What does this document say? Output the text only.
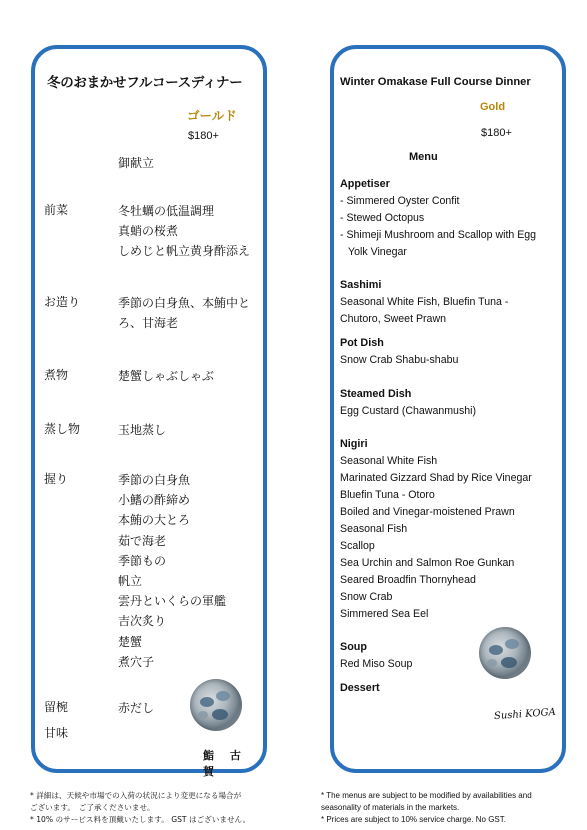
冬のおまかせフルコースディナー
ゴールド
$180+
御献立
前菜	冬牡蠣の低温調理
真蛸の桜煮
しめじと帆立黄身酢添え
お造り	季節の白身魚、本鮪中と
ろ、甘海老
煮物	楚蟹しゃぶしゃぶ
蒸し物	玉地蒸し
握り	季節の白身魚
小鰭の酢締め
本鮪の大とろ
茹で海老
季節もの
帆立
雲丹といくらの軍艦
吉次炙り
楚蟹
煮穴子
留椀	赤だし
甘味
鮨 古賀
Winter Omakase Full Course Dinner
Gold
$180+
Menu
Appetiser
- Simmered Oyster Confit
- Stewed Octopus
- Shimeji Mushroom and Scallop with Egg
Yolk Vinegar
Sashimi
Seasonal White Fish, Bluefin Tuna -
Chutoro, Sweet Prawn
Pot Dish
Snow Crab Shabu-shabu
Steamed Dish
Egg Custard (Chawanmushi)
Nigiri
Seasonal White Fish
Marinated Gizzard Shad by Rice Vinegar
Bluefin Tuna - Otoro
Boiled and Vinegar-moistened Prawn
Seasonal Fish
Scallop
Sea Urchin and Salmon Roe Gunkan
Seared Broadfin Thornyhead
Snow Crab
Simmered Sea Eel
Soup
Red Miso Soup
Dessert
Sushi KOGA
* 詳細は、天候や市場での入荷の状況により変更になる場合が
ございます。　ご了承くださいませ。
* 10% のサービス料を頂戴いたします。 GST はございません。
* The menus are subject to be modified by availabilities and
seasonality of materials in the markets.
* Prices are subject to 10% service charge. No GST.
